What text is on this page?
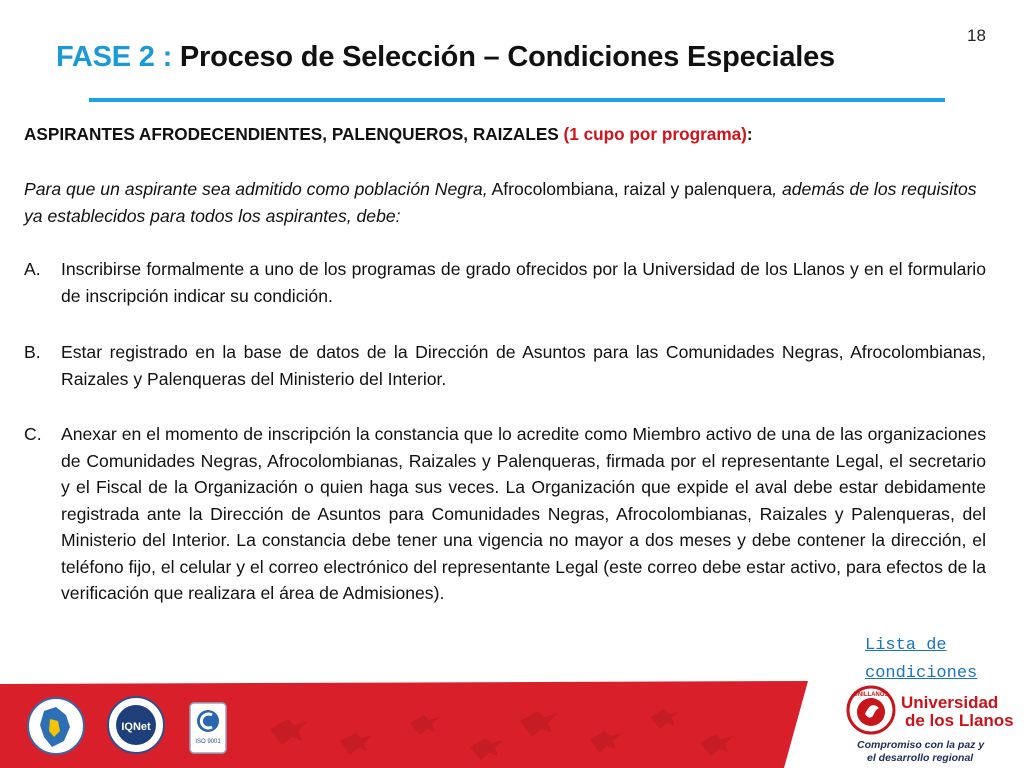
18
FASE 2 : Proceso de Selección – Condiciones Especiales
ASPIRANTES AFRODECENDIENTES, PALENQUEROS, RAIZALES (1 cupo por programa):
Para que un aspirante sea admitido como población Negra, Afrocolombiana, raizal y palenquera, además de los requisitos ya establecidos para todos los aspirantes, debe:
A. Inscribirse formalmente a uno de los programas de grado ofrecidos por la Universidad de los Llanos y en el formulario de inscripción indicar su condición.
B. Estar registrado en la base de datos de la Dirección de Asuntos para las Comunidades Negras, Afrocolombianas, Raizales y Palenqueras del Ministerio del Interior.
C. Anexar en el momento de inscripción la constancia que lo acredite como Miembro activo de una de las organizaciones de Comunidades Negras, Afrocolombianas, Raizales y Palenqueras, firmada por el representante Legal, el secretario y el Fiscal de la Organización o quien haga sus veces. La Organización que expide el aval debe estar debidamente registrada ante la Dirección de Asuntos para Comunidades Negras, Afrocolombianas, Raizales y Palenqueras, del Ministerio del Interior. La constancia debe tener una vigencia no mayor a dos meses y debe contener la dirección, el teléfono fijo, el celular y el correo electrónico del representante Legal (este correo debe estar activo, para efectos de la verificación que realizara el área de Admisiones).
IQNet
ISO 9001
Lista de
condiciones
UNILLANOS Universidad
de los Llanos
Compromiso con la paz y
el desarrollo regional
